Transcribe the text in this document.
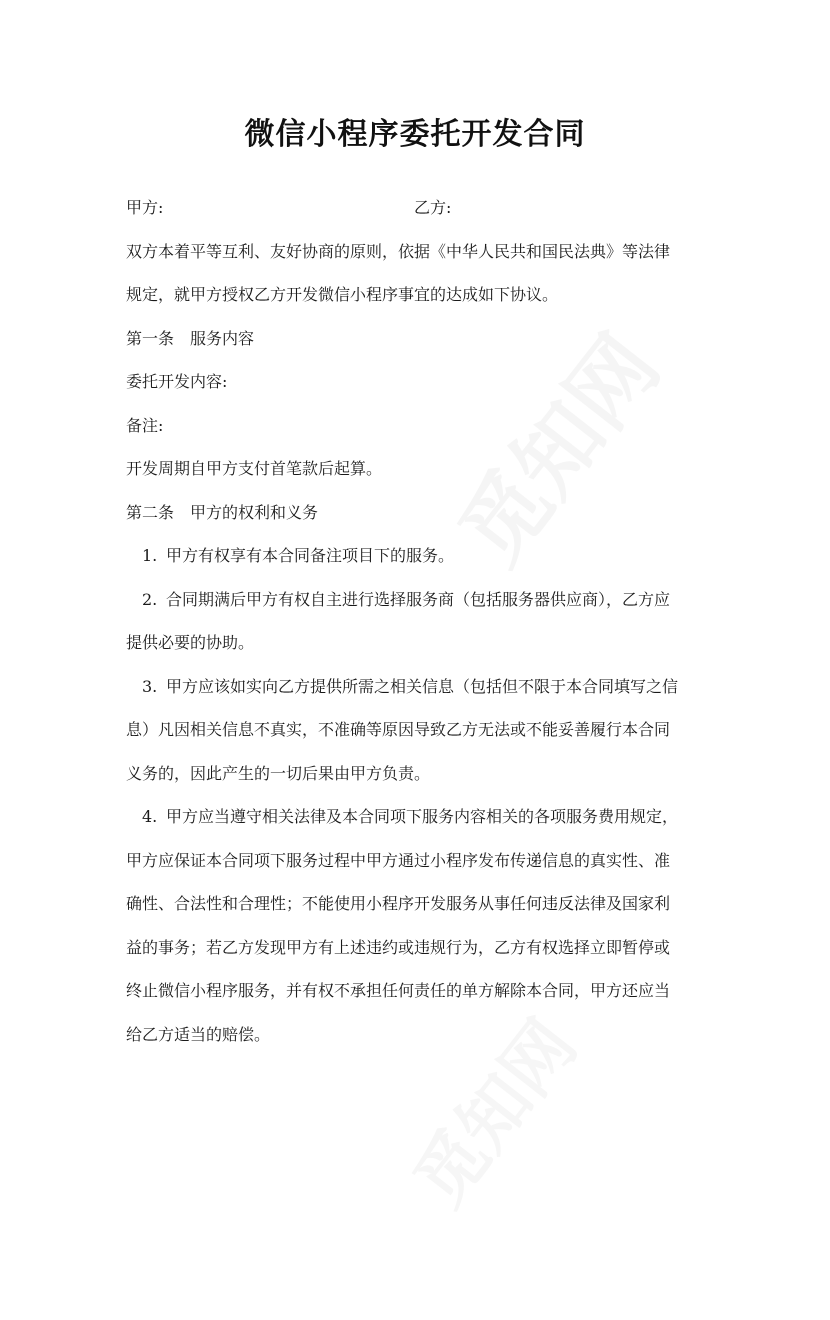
觅知网
觅知网
微信小程序委托开发合同
甲方:	乙方:
双方本着平等互利、友好协商的原则，依据《中华人民共和国民法典》等法律
规定，就甲方授权乙方开发微信小程序事宜的达成如下协议。
第一条 服务内容
委托开发内容:
备注:
开发周期自甲方支付首笔款后起算。
第二条 甲方的权利和义务
1. 甲方有权享有本合同备注项目下的服务。
2. 合同期满后甲方有权自主进行选择服务商（包括服务器供应商），乙方应
提供必要的协助。
3. 甲方应该如实向乙方提供所需之相关信息（包括但不限于本合同填写之信
息）凡因相关信息不真实，不准确等原因导致乙方无法或不能妥善履行本合同
义务的，因此产生的一切后果由甲方负责。
4. 甲方应当遵守相关法律及本合同项下服务内容相关的各项服务费用规定，
甲方应保证本合同项下服务过程中甲方通过小程序发布传递信息的真实性、准
确性、合法性和合理性；不能使用小程序开发服务从事任何违反法律及国家利
益的事务；若乙方发现甲方有上述违约或违规行为，乙方有权选择立即暂停或
终止微信小程序服务，并有权不承担任何责任的单方解除本合同，甲方还应当
给乙方适当的赔偿。
